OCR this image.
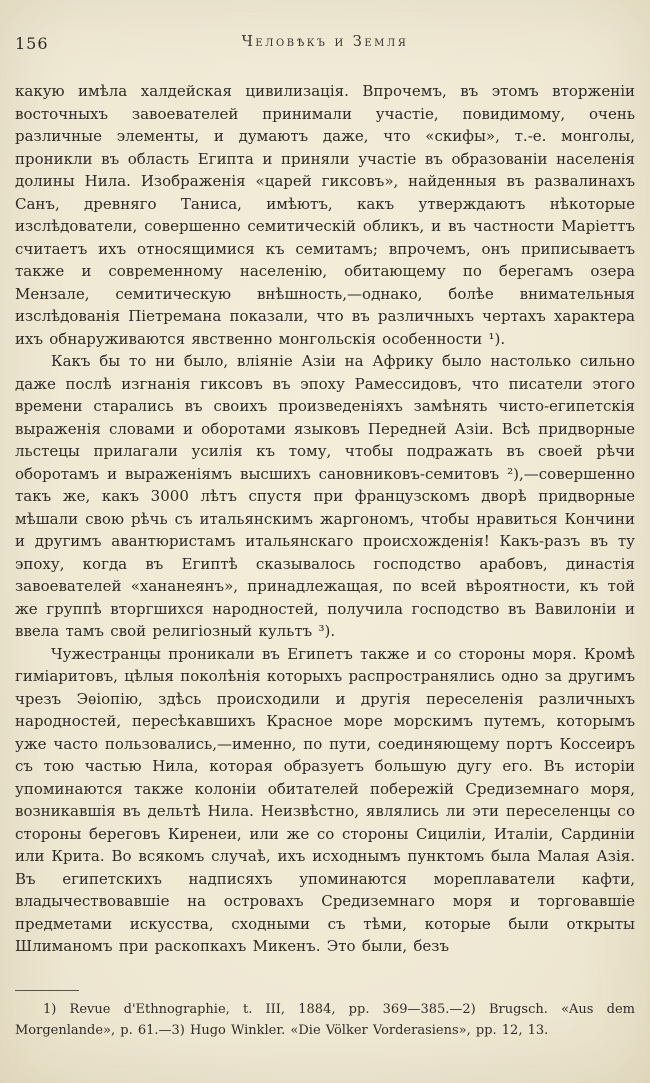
156	Человѣкъ и Земля

какую имѣла халдейская цивилизація. Впрочемъ, въ этомъ вторженіи восточныхъ завоевателей принимали участіе, повидимому, очень различные элементы, и думаютъ даже, что «скифы», т.-е. монголы, проникли въ область Египта и приняли участіе въ образованіи населенія долины Нила. Изображенія «царей гиксовъ», найденныя въ развалинахъ Санъ, древняго Таниса, имѣютъ, какъ утверждаютъ нѣкоторые изслѣдователи, совершенно семитическій обликъ, и въ частности Маріеттъ считаетъ ихъ относящимися къ семитамъ; впрочемъ, онъ приписываетъ также и современному населенію, обитающему по берегамъ озера Мензале, семитическую внѣшность,—однако, болѣе внимательныя изслѣдованія Піетремана показали, что въ различныхъ чертахъ характера ихъ обнаруживаются явственно монгольскія особенности ¹).

Какъ бы то ни было, вліяніе Азіи на Африку было настолько сильно даже послѣ изгнанія гиксовъ въ эпоху Рамессидовъ, что писатели этого времени старались въ своихъ произведеніяхъ замѣнять чисто-египетскія выраженія словами и оборотами языковъ Передней Азіи. Всѣ придворные льстецы прилагали усилія къ тому, чтобы подражать въ своей рѣчи оборотамъ и выраженіямъ высшихъ сановниковъ-семитовъ ²),—совершенно такъ же, какъ 3000 лѣтъ спустя при французскомъ дворѣ придворные мѣшали свою рѣчь съ итальянскимъ жаргономъ, чтобы нравиться Кончини и другимъ авантюристамъ итальянскаго происхожденія! Какъ-разъ въ ту эпоху, когда въ Египтѣ сказывалось господство арабовъ, династія завоевателей «хананеянъ», принадлежащая, по всей вѣроятности, къ той же группѣ вторгшихся народностей, получила господство въ Вавилоніи и ввела тамъ свой религіозный культъ ³).

Чужестранцы проникали въ Египетъ также и со стороны моря. Кромѣ гиміаритовъ, цѣлыя поколѣнія которыхъ распространялись одно за другимъ чрезъ Эѳіопію, здѣсь происходили и другія переселенія различныхъ народностей, пересѣкавшихъ Красное море морскимъ путемъ, которымъ уже часто пользовались,—именно, по пути, соединяющему портъ Коссеиръ съ тою частью Нила, которая образуетъ большую дугу его. Въ исторіи упоминаются также колоніи обитателей побережій Средиземнаго моря, возникавшія въ дельтѣ Нила. Неизвѣстно, являлись ли эти переселенцы со стороны береговъ Киренеи, или же со стороны Сициліи, Италіи, Сардиніи или Крита. Во всякомъ случаѣ, ихъ исходнымъ пунктомъ была Малая Азія. Въ египетскихъ надписяхъ упоминаются мореплаватели кафти, владычествовавшіе на островахъ Средиземнаго моря и торговавшіе предметами искусства, сходными съ тѣми, которые были открыты Шлиманомъ при раскопкахъ Микенъ. Это были, безъ

1) Revue d'Ethnographie, t. III, 1884, pp. 369—385.—2) Brugsch. «Aus dem Morgenlande», p. 61.—3) Hugo Winkler. «Die Völker Vorderasiens», pp. 12, 13.
